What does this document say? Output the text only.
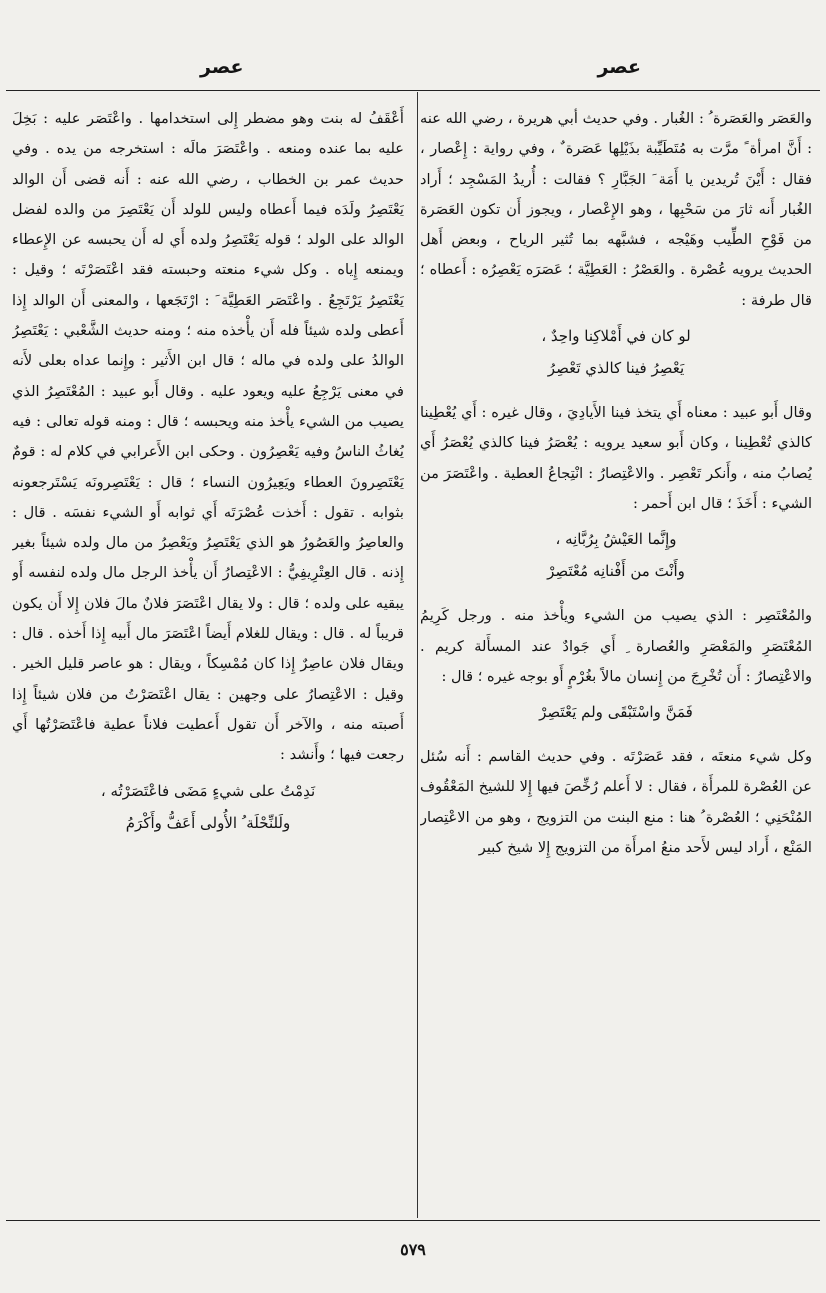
عصر
عصر

والعَصَر والعَصَرة ُ : الغُبار . وفي حديث أبي هريرة ، رضي الله عنه : أَنَّ امرأة ً مرَّت به مُتَطَيِّبة بذَيْلِها عَصَرة ٌ ، وفي رواية : إِعْصار ، فقال : أَيْنَ تُريدين يا أَمَة َ الجَبَّارِ ؟ فقالت : أُريدُ المَسْجِد ؛ أَراد الغُبار أَنه ثارَ من سَحْبِها ، وهو الإِعْصار ، ويجوز أَن تكون العَصَرة من فَوْحِ الطِّيب وهَيْجه ، فشبَّهه بما تُثير الرياح ، وبعض أَهل الحديث يرويه عُصْرة . والعَصْرُ : العَطِيَّة ؛ عَصَرَه يَعْصِرُه : أَعطاه ؛ قال طرفة :

لو كان في أَمْلاكِنا واحِدٌ ،
يَعْصِرُ فينا كالذي تَعْصِرُ

وقال أَبو عبيد : معناه أَي يتخذ فينا الأَيادِيَ ، وقال غيره : أَي يُعْطِينا كالذي تُعْطِينا ، وكان أَبو سعيد يرويه : يُعْصَرُ فينا كالذي يُعْصَرُ أَي يُصابُ منه ، وأَنكر تَعْصِر . والاعْتِصارُ : انْتِجاعُ العطية . واعْتَصَرَ من الشيء : أَخَذَ ؛ قال ابن أَحمر :

وإِنَّما العَيْشُ بِرُبَّانِه ،
وأَنْتَ من أَفْنانِه مُعْتَصِرْ

والمُعْتَصِر : الذي يصيب من الشيء ويأْخذ منه . ورجل كَرِيمُ المُعْتَصَرِ والمَعْصَرِ والعُصارة ِ أَي جَوادٌ عند المسأَلة كريم . والاعْتِصارُ : أَن تُخْرِجَ من إِنسان مالاً بغُرْمٍ أَو بوجه غيره ؛ قال :

فَمَنَّ واسْتَبْقَى ولم يَعْتَصِرْ

وكل شيء منعتَه ، فقد عَصَرْتَه . وفي حديث القاسم : أَنه سُئل عن العُصْرة للمرأَة ، فقال : لا أَعلم رُخِّصَ فيها إِلا للشيخ المَعْقُوف المُنْحَنِي ؛ العُصْرة ُ هنا : منع البنت من التزويج ، وهو من الاعْتِصار المَنْع ، أَراد ليس لأَحد منعُ امرأَة من التزويج إِلا شيخ كبير

أَعْقَفُ له بنت وهو مضطر إِلى استخدامها . واعْتَصَر عليه : بَخِلَ عليه بما عنده ومنعه . واعْتَصَرَ مالَه : استخرجه من يده . وفي حديث عمر بن الخطاب ، رضي الله عنه : أَنه قضى أَن الوالد يَعْتَصِرُ ولَدَه فيما أَعطاه وليس للولد أَن يَعْتَصِرَ من والده لفضل الوالد على الولد ؛ قوله يَعْتَصِرُ ولده أَي له أَن يحبسه عن الإِعطاء ويمنعه إِياه . وكل شيء منعته وحبسته فقد اعْتَصَرْتَه ؛ وقيل : يَعْتَصِرُ يَرْتَجِعُ . واعْتَصَر العَطِيَّة َ : ارْتَجَعها ، والمعنى أَن الوالد إِذا أَعطى ولده شيئاً فله أَن يأْخذه منه ؛ ومنه حديث الشَّعْبي : يَعْتَصِرُ الوالدُ على ولده في ماله ؛ قال ابن الأَثير : وإِنما عداه بعلى لأَنه في معنى يَرْجِعُ عليه ويعود عليه . وقال أَبو عبيد : المُعْتَصِرُ الذي يصيب من الشيء يأْخذ منه ويحبسه ؛ قال : ومنه قوله تعالى : فيه يُغاثُ الناسُ وفيه يَعْصِرُون . وحكى ابن الأَعرابي في كلام له : قومٌ يَعْتَصِرونَ العطاء ويَعِيرُون النساء ؛ قال : يَعْتَصِرونَه يَسْتَرجعونه بثوابه . تقول : أَخذت عُصْرَتَه أَي ثوابه أَو الشيء نفسَه . قال : والعاصِرُ والعَصُورُ هو الذي يَعْتَصِرُ ويَعْصِرُ من مال ولده شيئاً بغير إِذنه . قال العِتْرِيفِيُّ : الاعْتِصارُ أَن يأْخذ الرجل مال ولده لنفسه أَو يبقيه على ولده ؛ قال : ولا يقال اعْتَصَرَ فلانٌ مالَ فلان إِلا أَن يكون قريباً له . قال : ويقال للغلام أَيضاً اعْتَصَرَ مال أَبيه إِذا أَخذه . قال : ويقال فلان عاصِرٌ إِذا كان مُمْسِكاً ، ويقال : هو عاصر قليل الخير . وقيل : الاعْتِصارُ على وجهين : يقال اعْتَصَرْتُ من فلان شيئاً إِذا أَصبته منه ، والآخر أَن تقول أَعطيت فلاناً عطية فاعْتَصَرْتُها أَي رجعت فيها ؛ وأَنشد :

نَدِمْتُ على شيءٍ مَضَى فاعْتَصَرْتُه ،
ولَلنِّحْلَة ُ الأُولى أَعَفُّ وأَكْرَمُ
٥٧٩
